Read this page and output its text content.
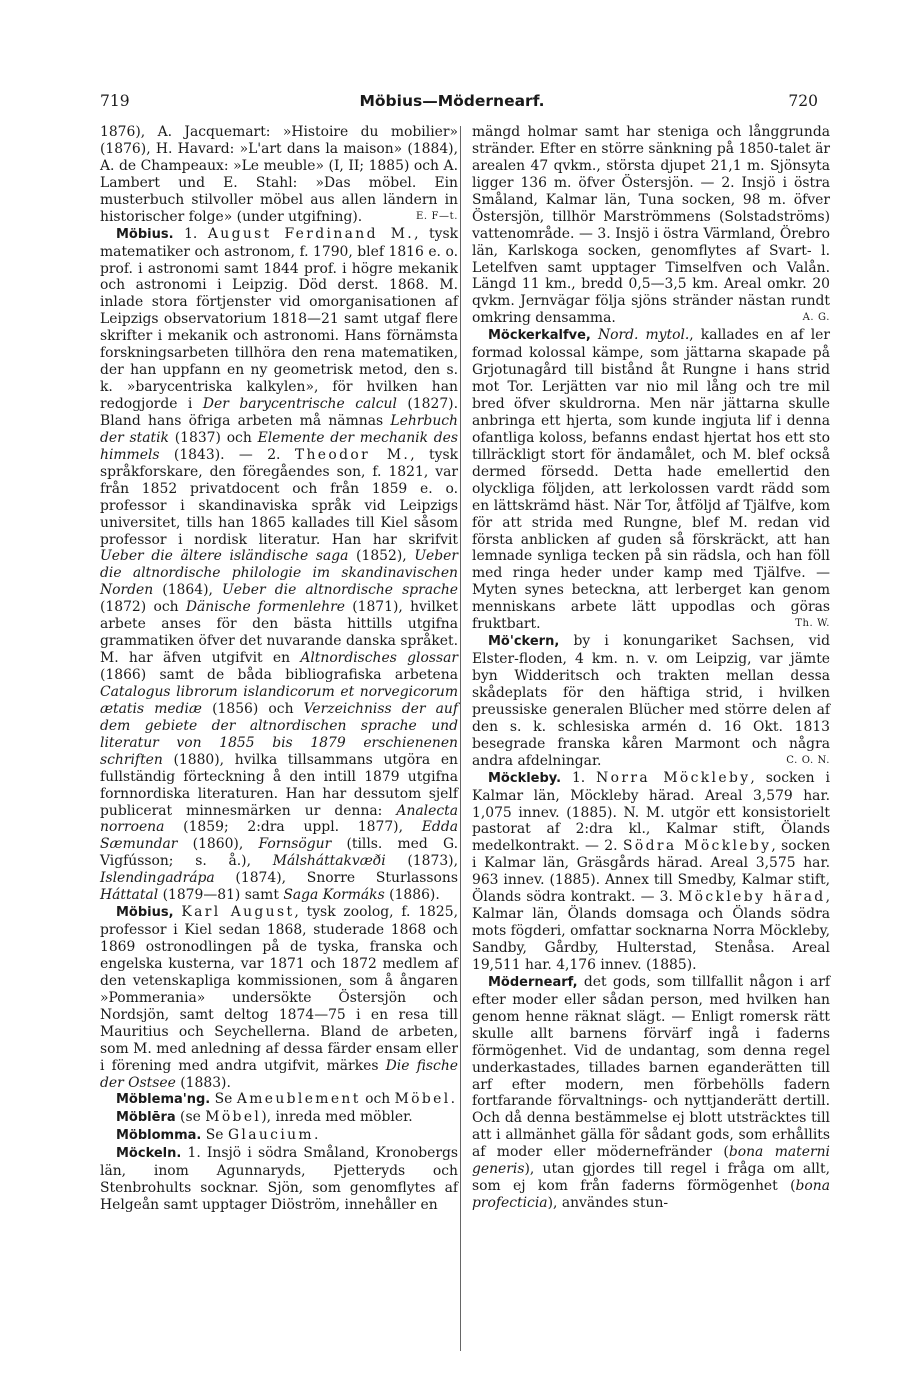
719	Möbius—Mödernearf.	720

1876), A. Jacquemart: »Histoire du mobilier» (1876), H. Havard: »L'art dans la maison» (1884), A. de Champeaux: »Le meuble» (I, II; 1885) och A. Lambert und E. Stahl: »Das möbel. Ein musterbuch stilvoller möbel aus allen ländern in historischer folge» (under utgifning).	E. F—t.

Möbius. 1. August Ferdinand M., tysk matematiker och astronom, f. 1790, blef 1816 e. o. prof. i astronomi samt 1844 prof. i högre mekanik och astronomi i Leipzig. Död derst. 1868. M. inlade stora förtjenster vid omorganisationen af Leipzigs observatorium 1818—21 samt utgaf flere skrifter i mekanik och astronomi. Hans förnämsta forskningsarbeten tillhöra den rena matematiken, der han uppfann en ny geometrisk metod, den s. k. »barycentriska kalkylen», för hvilken han redogjorde i Der barycentrische calcul (1827). Bland hans öfriga arbeten må nämnas Lehrbuch der statik (1837) och Elemente der mechanik des himmels (1843). — 2. Theodor M., tysk språkforskare, den föregåendes son, f. 1821, var från 1852 privatdocent och från 1859 e. o. professor i skandinaviska språk vid Leipzigs universitet, tills han 1865 kallades till Kiel såsom professor i nordisk literatur. Han har skrifvit Ueber die ältere isländische saga (1852), Ueber die altnordische philologie im skandinavischen Norden (1864), Ueber die altnordische sprache (1872) och Dänische formenlehre (1871), hvilket arbete anses för den bästa hittills utgifna grammatiken öfver det nuvarande danska språket. M. har äfven utgifvit en Altnordisches glossar (1866) samt de båda bibliografiska arbetena Catalogus librorum islandicorum et norvegicorum ætatis mediæ (1856) och Verzeichniss der auf dem gebiete der altnordischen sprache und literatur von 1855 bis 1879 erschienenen schriften (1880), hvilka tillsammans utgöra en fullständig förteckning å den intill 1879 utgifna fornnordiska literaturen. Han har dessutom sjelf publicerat minnesmärken ur denna: Analecta norroena (1859; 2:dra uppl. 1877), Edda Sæmundar (1860), Fornsögur (tills. med G. Vigfússon; s. å.), Málsháttakvæði (1873), Islendingadrápa (1874), Snorre Sturlassons Háttatal (1879—81) samt Saga Kormáks (1886).

Möbius, Karl August, tysk zoolog, f. 1825, professor i Kiel sedan 1868, studerade 1868 och 1869 ostronodlingen på de tyska, franska och engelska kusterna, var 1871 och 1872 medlem af den vetenskapliga kommissionen, som å ångaren »Pommerania» undersökte Östersjön och Nordsjön, samt deltog 1874—75 i en resa till Mauritius och Seychellerna. Bland de arbeten, som M. med anledning af dessa färder ensam eller i förening med andra utgifvit, märkes Die fische der Ostsee (1883).

Möblema'ng. Se Ameublement och Möbel.

Möblēra (se Möbel), inreda med möbler.

Möblomma. Se Glaucium.

Möckeln. 1. Insjö i södra Småland, Kronobergs län, inom Agunnaryds, Pjetteryds och Stenbrohults socknar. Sjön, som genomflytes af Helgeån samt upptager Diöström, innehåller en

mängd holmar samt har steniga och långgrunda stränder. Efter en större sänkning på 1850-talet är arealen 47 qvkm., största djupet 21,1 m. Sjönsyta ligger 136 m. öfver Östersjön. — 2. Insjö i östra Småland, Kalmar län, Tuna socken, 98 m. öfver Östersjön, tillhör Marströmmens (Solstadströms) vattenområde. — 3. Insjö i östra Värmland, Örebro län, Karlskoga socken, genomflytes af Svart- l. Letelfven samt upptager Timselfven och Valån. Längd 11 km., bredd 0,5—3,5 km. Areal omkr. 20 qvkm. Jernvägar följa sjöns stränder nästan rundt omkring densamma.	A. G.

Möckerkalfve, Nord. mytol., kallades en af ler formad kolossal kämpe, som jättarna skapade på Grjotunagård till bistånd åt Rungne i hans strid mot Tor. Lerjätten var nio mil lång och tre mil bred öfver skuldrorna. Men när jättarna skulle anbringa ett hjerta, som kunde ingjuta lif i denna ofantliga koloss, befanns endast hjertat hos ett sto tillräckligt stort för ändamålet, och M. blef också dermed försedd. Detta hade emellertid den olyckliga följden, att lerkolossen vardt rädd som en lättskrämd häst. När Tor, åtföljd af Tjälfve, kom för att strida med Rungne, blef M. redan vid första anblicken af guden så förskräckt, att han lemnade synliga tecken på sin rädsla, och han föll med ringa heder under kamp med Tjälfve. — Myten synes beteckna, att lerberget kan genom menniskans arbete lätt uppodlas och göras fruktbart.	Th. W.

Mö'ckern, by i konungariket Sachsen, vid Elster-floden, 4 km. n. v. om Leipzig, var jämte byn Widderitsch och trakten mellan dessa skådeplats för den häftiga strid, i hvilken preussiske generalen Blücher med större delen af den s. k. schlesiska armén d. 16 Okt. 1813 besegrade franska kåren Marmont och några andra afdelningar.	C. O. N.

Möckleby. 1. Norra Möckleby, socken i Kalmar län, Möckleby härad. Areal 3,579 har. 1,075 innev. (1885). N. M. utgör ett konsistorielt pastorat af 2:dra kl., Kalmar stift, Ölands medelkontrakt. — 2. Södra Möckleby, socken i Kalmar län, Gräsgårds härad. Areal 3,575 har. 963 innev. (1885). Annex till Smedby, Kalmar stift, Ölands södra kontrakt. — 3. Möckleby härad, Kalmar län, Ölands domsaga och Ölands södra mots fögderi, omfattar socknarna Norra Möckleby, Sandby, Gårdby, Hulterstad, Stenåsa. Areal 19,511 har. 4,176 innev. (1885).

Mödernearf, det gods, som tillfallit någon i arf efter moder eller sådan person, med hvilken han genom henne räknat slägt. — Enligt romersk rätt skulle allt barnens förvärf ingå i faderns förmögenhet. Vid de undantag, som denna regel underkastades, tillades barnen eganderätten till arf efter modern, men förbehölls fadern fortfarande förvaltnings- och nyttjanderätt dertill. Och då denna bestämmelse ej blott utsträcktes till att i allmänhet gälla för sådant gods, som erhållits af moder eller mödernefränder (bona materni generis), utan gjordes till regel i fråga om allt, som ej kom från faderns förmögenhet (bona profecticia), användes stun-
